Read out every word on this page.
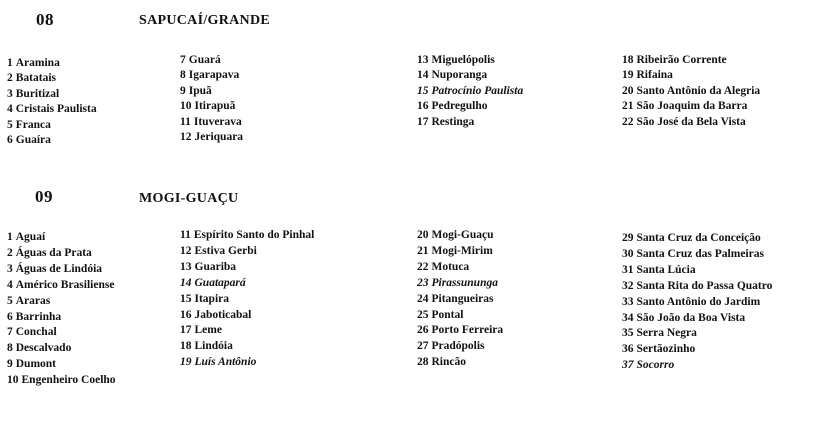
08	SAPUCAÍ/GRANDE
1 Aramina
2 Batatais
3 Buritizal
4 Cristais Paulista
5 Franca
6 Guaíra
7 Guará
8 Igarapava
9 Ipuã
10 Itirapuã
11 Ituverava
12 Jeriquara
13 Miguelópolis
14 Nuporanga
15 Patrocínio Paulista
16 Pedregulho
17 Restinga
18 Ribeirão Corrente
19 Rifaina
20 Santo Antônio da Alegria
21 São Joaquim da Barra
22 São José da Bela Vista
09	MOGI-GUAÇU
1 Aguaí
2 Águas da Prata
3 Águas de Lindóia
4 Américo Brasiliense
5 Araras
6 Barrinha
7 Conchal
8 Descalvado
9 Dumont
10 Engenheiro Coelho
11 Espírito Santo do Pinhal
12 Estiva Gerbi
13 Guariba
14 Guatapará
15 Itapira
16 Jaboticabal
17 Leme
18 Lindóia
19 Luís Antônio
20 Mogi-Guaçu
21 Mogi-Mirim
22 Motuca
23 Pirassununga
24 Pitangueiras
25 Pontal
26 Porto Ferreira
27 Pradópolis
28 Rincão
29 Santa Cruz da Conceição
30 Santa Cruz das Palmeiras
31 Santa Lúcia
32 Santa Rita do Passa Quatro
33 Santo Antônio do Jardim
34 São João da Boa Vista
35 Serra Negra
36 Sertãozinho
37 Socorro
